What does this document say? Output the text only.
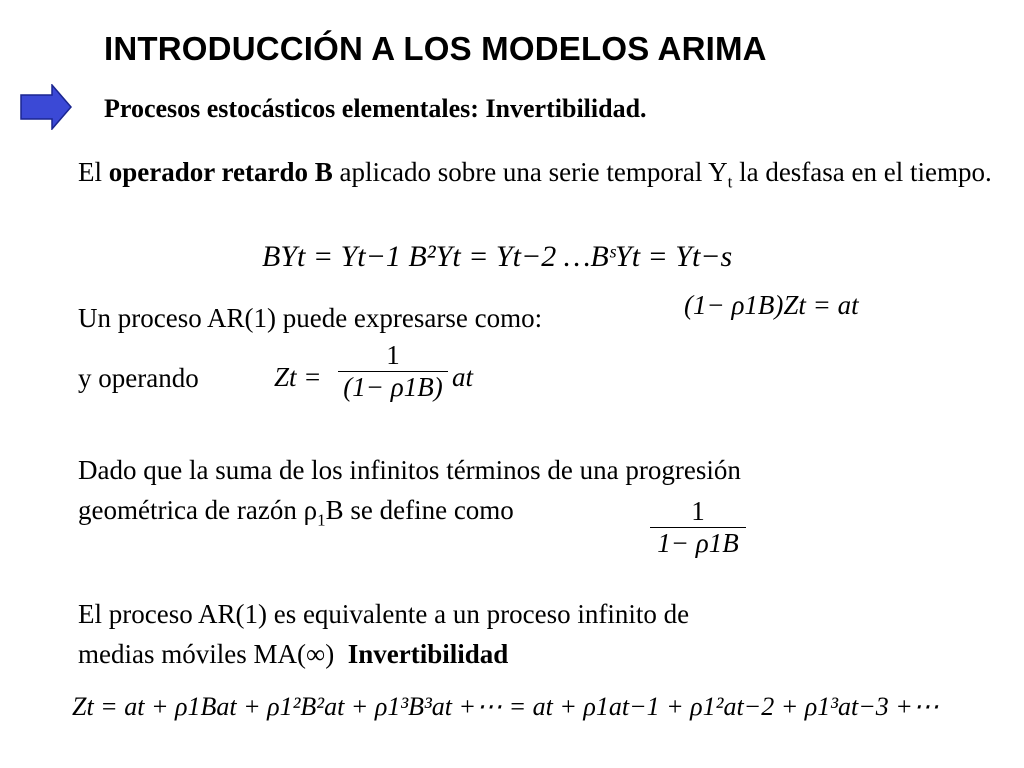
INTRODUCCIÓN A LOS MODELOS ARIMA
Procesos estocásticos elementales: Invertibilidad.
El operador retardo B aplicado sobre una serie temporal $Y_t$ la desfasa en el tiempo.
BYt = Yt−1 B²Yt = Yt−2 …BˢYt = Yt−s
Un proceso AR(1) puede expresarse como:	(1− ρ1B)Zt = at
y operando	Zt =
1
(1− ρ1B) at
Dado que la suma de los infinitos términos de una progresión
geométrica de razón $\rho_1B$ se define como	1
1− ρ1B
El proceso AR(1) es equivalente a un proceso infinito de
medias móviles MA(∞) Invertibilidad
Zt = at + ρ1Bat + ρ1²B²at + ρ1³B³at +⋯ = at + ρ1at−1 + ρ1²at−2 + ρ1³at−3 +⋯
